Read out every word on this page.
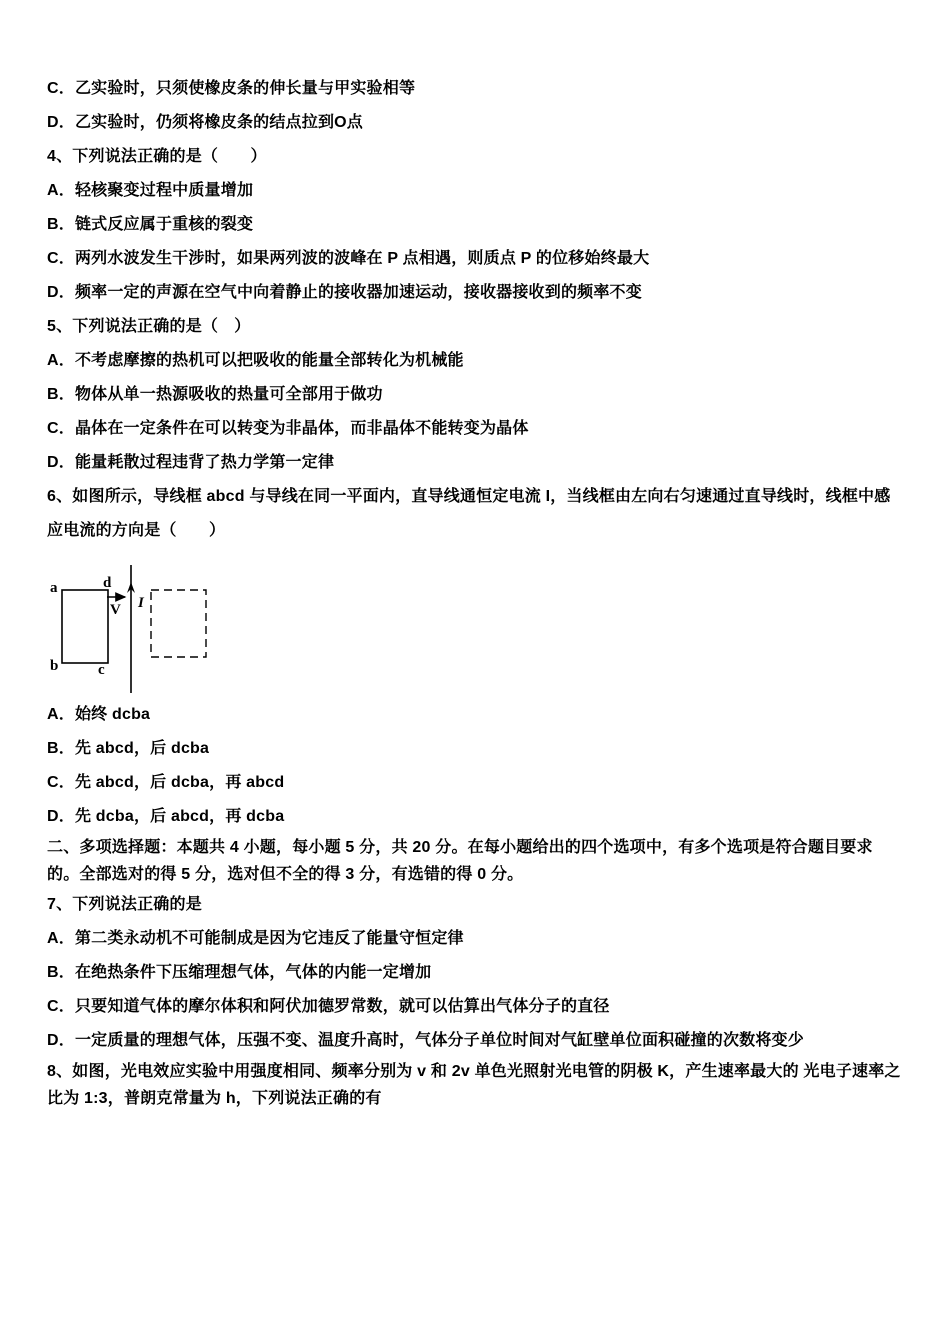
C．乙实验时，只须使橡皮条的伸长量与甲实验相等

D．乙实验时，仍须将橡皮条的结点拉到O点

4、下列说法正确的是（　　）

A．轻核聚变过程中质量增加

B．链式反应属于重核的裂变

C．两列水波发生干涉时，如果两列波的波峰在 P 点相遇，则质点 P 的位移始终最大

D．频率一定的声源在空气中向着静止的接收器加速运动，接收器接收到的频率不变

5、下列说法正确的是（　）

A．不考虑摩擦的热机可以把吸收的能量全部转化为机械能

B．物体从单一热源吸收的热量可全部用于做功

C．晶体在一定条件在可以转变为非晶体，而非晶体不能转变为晶体

D．能量耗散过程违背了热力学第一定律

6、如图所示，导线框 abcd 与导线在同一平面内，直导线通恒定电流 I，当线框由左向右匀速通过直导线时，线框中感应电流的方向是（　　）

a	d
b	c
V I

A．始终 dcba

B．先 abcd，后 dcba

C．先 abcd，后 dcba，再 abcd

D．先 dcba，后 abcd，再 dcba

二、多项选择题：本题共 4 小题，每小题 5 分，共 20 分。在每小题给出的四个选项中，有多个选项是符合题目要求的。全部选对的得 5 分，选对但不全的得 3 分，有选错的得 0 分。

7、下列说法正确的是

A．第二类永动机不可能制成是因为它违反了能量守恒定律

B．在绝热条件下压缩理想气体，气体的内能一定增加

C．只要知道气体的摩尔体积和阿伏加德罗常数，就可以估算出气体分子的直径

D．一定质量的理想气体，压强不变、温度升高时，气体分子单位时间对气缸壁单位面积碰撞的次数将变少

8、如图，光电效应实验中用强度相同、频率分别为 v 和 2v 单色光照射光电管的阴极 K，产生速率最大的 光电子速率之比为 1:3，普朗克常量为 h，下列说法正确的有
